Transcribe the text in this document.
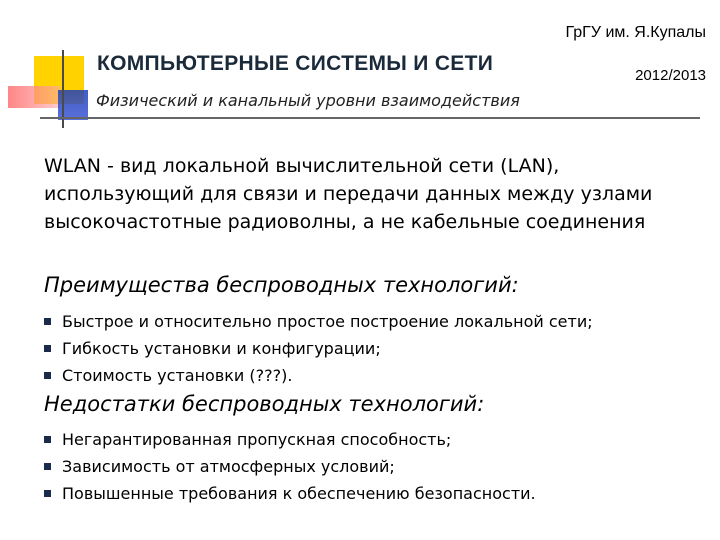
ГрГУ им. Я.Купалы
КОМПЬЮТЕРНЫЕ СИСТЕМЫ И СЕТИ
2012/2013
Физический и канальный уровни взаимодействия
WLAN - вид локальной вычислительной сети (LAN), использующий для связи и передачи данных между узлами высокочастотные радиоволны, а не кабельные соединения
Преимущества беспроводных технологий:
Быстрое и относительно простое построение локальной сети;
Гибкость установки и конфигурации;
Стоимость установки (???).
Недостатки беспроводных технологий:
Негарантированная пропускная способность;
Зависимость от атмосферных условий;
Повышенные требования к обеспечению безопасности.
